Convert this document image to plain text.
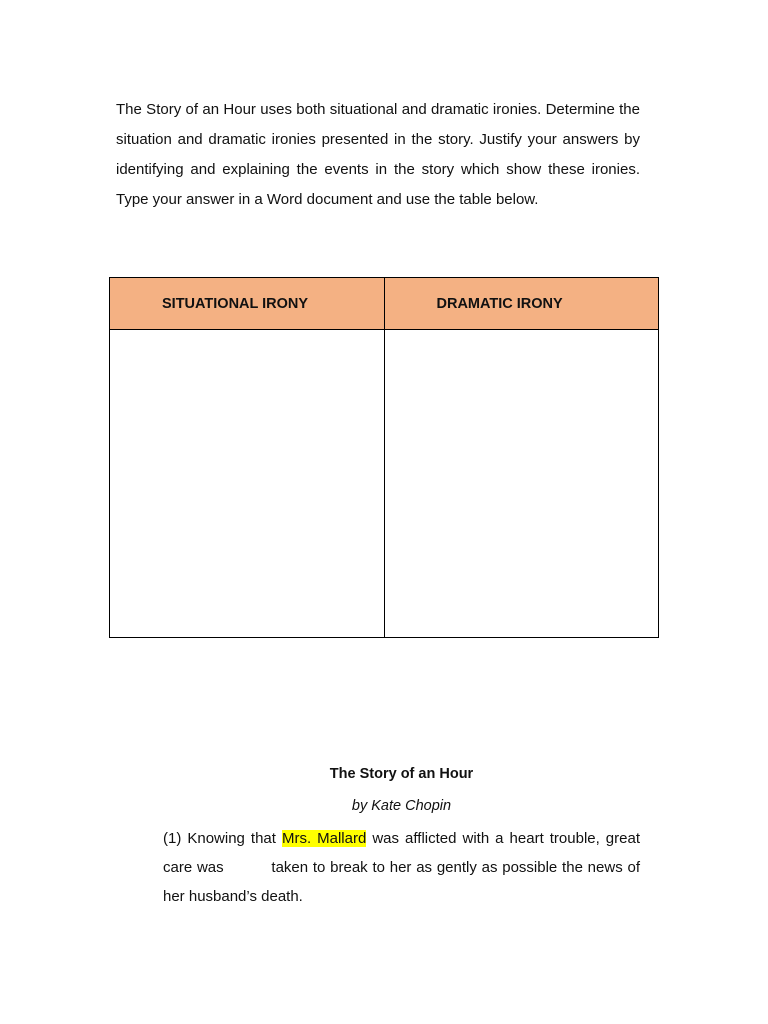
The Story of an Hour uses both situational and dramatic ironies. Determine the situation and dramatic ironies presented in the story. Justify your answers by identifying and explaining the events in the story which show these ironies. Type your answer in a Word document and use the table below.

SITUATIONAL IRONY	DRAMATIC IRONY

The Story of an Hour

by Kate Chopin

(1) Knowing that Mrs. Mallard was afflicted with a heart trouble, great care was          taken to break to her as gently as possible the news of her husband’s death.
